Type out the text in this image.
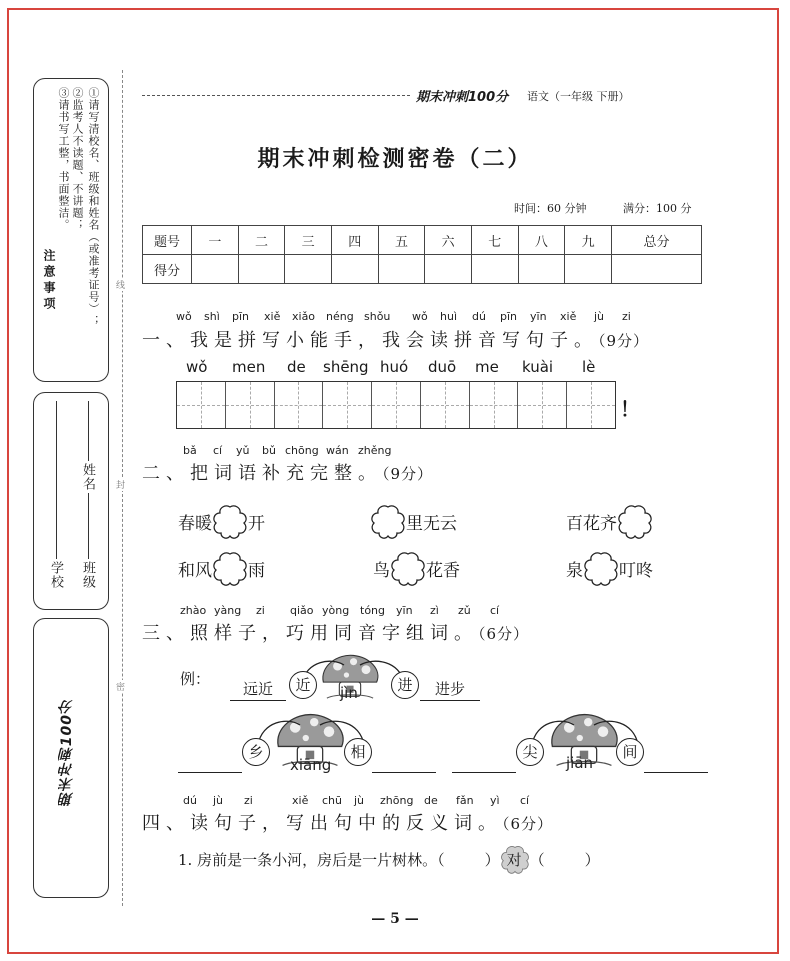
注意事项	①请写清校名、班级和姓名（或准考证号）；
②监考人不读题、不讲题；
③请书写工整，书面整洁。
学校 班级
姓名
期末冲刺100分
线
封
密
期末冲刺100分 语文（一年级 下册）
期末冲刺检测密卷（二）
时间：60 分钟	满分：100 分
题号	一	二	三	四	五	六	七	八	九	总分
得分										
wǒ shì pīn xiě xiǎo néng shǒu wǒ huì dú pīn yīn xiě jù zi
一、我是拼写小能手，我会读拼音写句子。（9分）
wǒ men de shēng huó duō me kuài lè
！
bǎ cí yǔ bǔ chōng wán zhěng
二、把词语补充完整。（9分）
春暖 开	里无云	百花齐
和风 雨	鸟 花香	泉 叮咚
zhào yàng zi qiǎo yòng tóng yīn zì zǔ cí
三、照样子，巧用同音字组词。（6分）
例：
远近	近	jìn	进	进步
乡
xiāng
相	尖
jiān
间
dú jù zi	xiě chū jù zhōng de fǎn yì cí
四、读句子，写出句中的反义词。（6分）
1. 房前是一条小河，房后是一片树林。（	） 对 （	）
— 5 —
